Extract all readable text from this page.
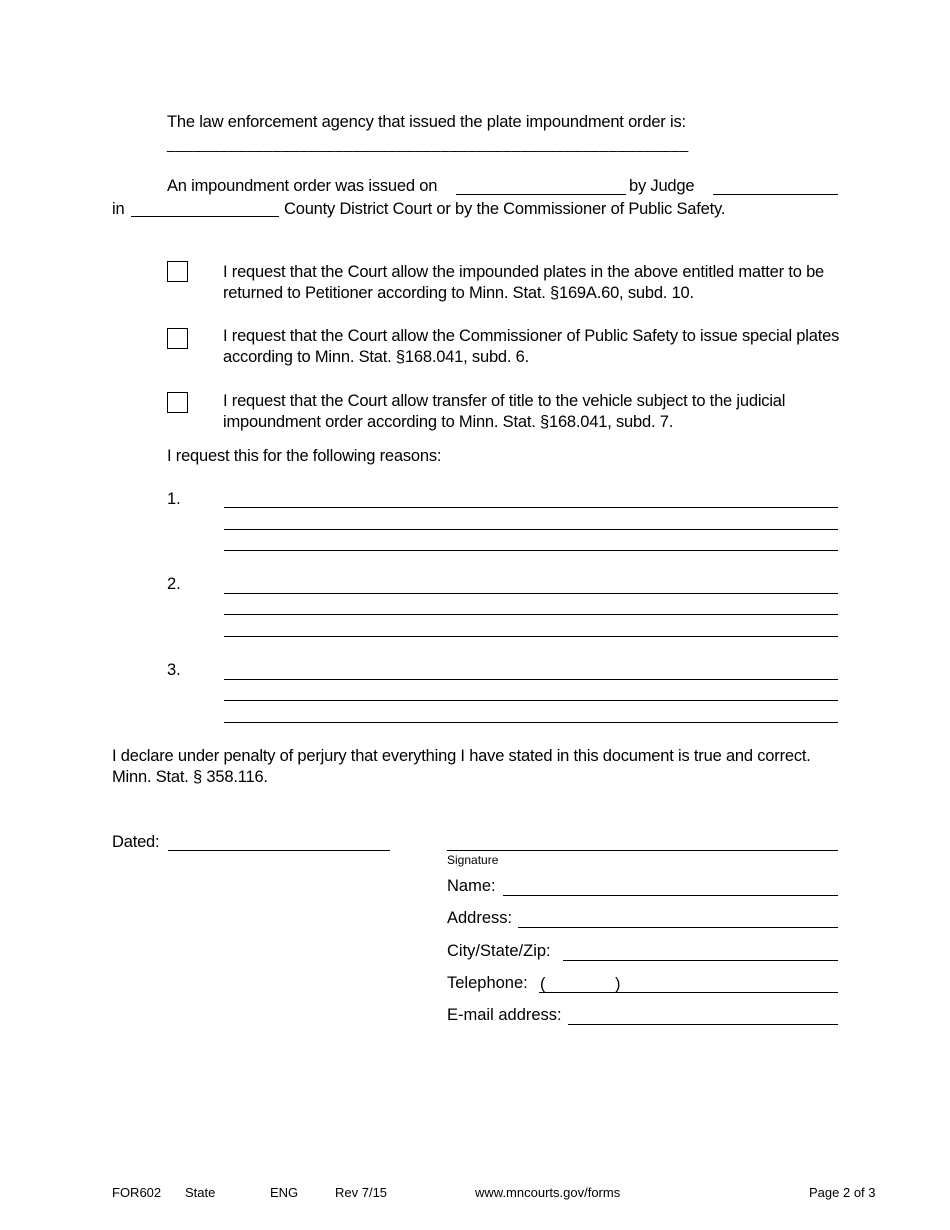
The law enforcement agency that issued the plate impoundment order is:
___________________________________________________________
An impoundment order was issued on	by Judge
in	County District Court or by the Commissioner of Public Safety.
I request that the Court allow the impounded plates in the above entitled matter to be returned to Petitioner according to Minn. Stat. §169A.60, subd. 10.
I request that the Court allow the Commissioner of Public Safety to issue special plates according to Minn. Stat. §168.041, subd. 6.
I request that the Court allow transfer of title to the vehicle subject to the judicial impoundment order according to Minn. Stat. §168.041, subd. 7.
I request this for the following reasons:
1.
2.
3.
I declare under penalty of perjury that everything I have stated in this document is true and correct. Minn. Stat. § 358.116.
Dated:
Signature
Name:
Address:
City/State/Zip:
Telephone: (	)
E-mail address:
FOR602 State	ENG	Rev 7/15	www.mncourts.gov/forms	Page 2 of 3
